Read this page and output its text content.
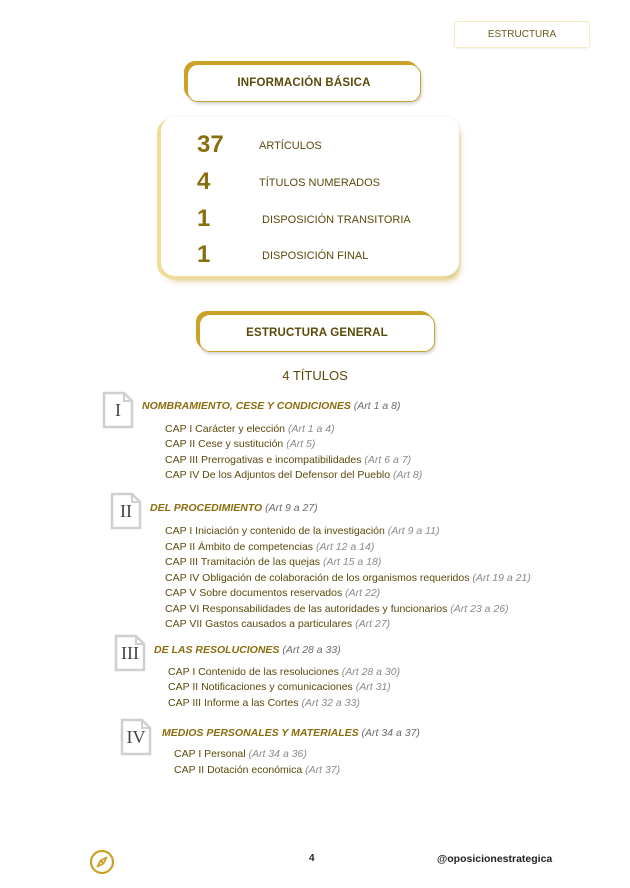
ESTRUCTURA
INFORMACIÓN BÁSICA
37	ARTÍCULOS
4	TÍTULOS NUMERADOS
1	DISPOSICIÓN TRANSITORIA
1	DISPOSICIÓN FINAL
ESTRUCTURA GENERAL
4 TÍTULOS
I	NOMBRAMIENTO, CESE Y CONDICIONES (Art 1 a 8)
CAP I Carácter y elección (Art 1 a 4)
CAP II Cese y sustitución (Art 5)
CAP III Prerrogativas e incompatibilidades (Art 6 a 7)
CAP IV De los Adjuntos del Defensor del Pueblo (Art 8)
II	DEL PROCEDIMIENTO (Art 9 a 27)
CAP I Iniciación y contenido de la investigación (Art 9 a 11)
CAP II Ámbito de competencias (Art 12 a 14)
CAP III Tramitación de las quejas (Art 15 a 18)
CAP IV Obligación de colaboración de los organismos requeridos (Art 19 a 21)
CAP V Sobre documentos reservados (Art 22)
CAP VI Responsabilidades de las autoridades y funcionarios (Art 23 a 26)
CAP VII Gastos causados a particulares (Art 27)
III	DE LAS RESOLUCIONES (Art 28 a 33)
CAP I Contenido de las resoluciones (Art 28 a 30)
CAP II Notificaciones y comunicaciones (Art 31)
CAP III Informe a las Cortes (Art 32 a 33)
IV	MEDIOS PERSONALES Y MATERIALES (Art 34 a 37)
CAP I Personal (Art 34 a 36)
CAP II Dotación económica (Art 37)
4	@oposicionestrategica
